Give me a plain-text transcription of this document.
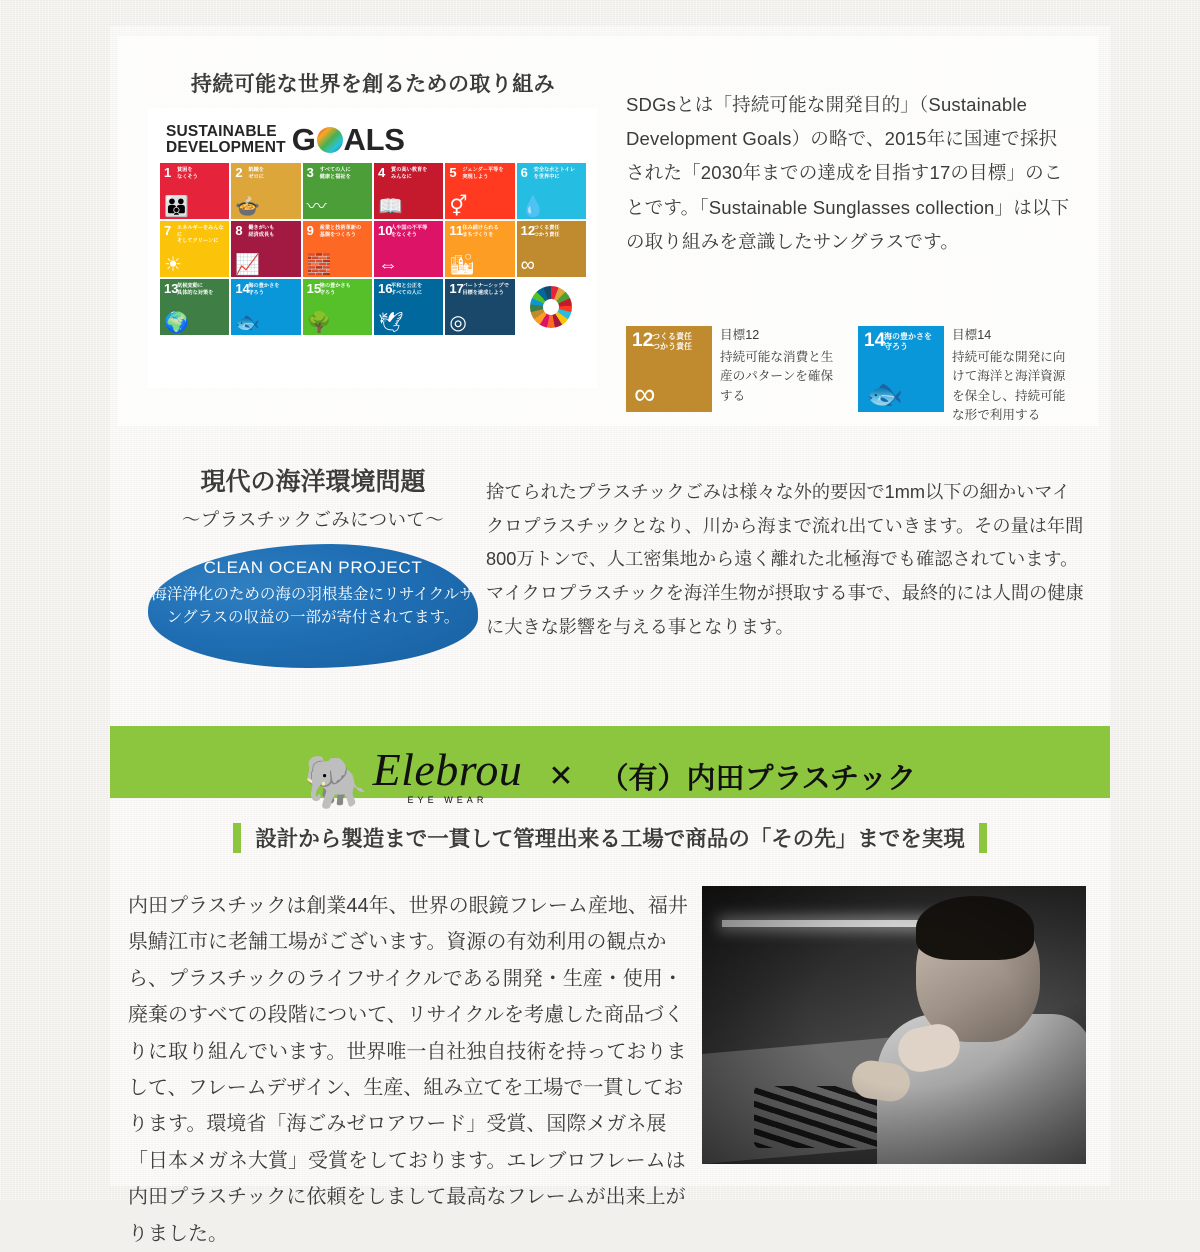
持続可能な世界を創るための取り組み
SUSTAINABLE
DEVELOPMENT G ALS
1 貧困を
なくそう
👪
2 飢餓を
ゼロに
🍲
3 すべての人に
健康と福祉を
〰
4 質の高い教育を
みんなに
📖
5 ジェンダー平等を
実現しよう
⚥
6 安全な水とトイレ
を世界中に
💧
7 エネルギーをみんなに
そしてクリーンに
☀
8 働きがいも
経済成長も
📈
9 産業と技術革新の
基盤をつくろう
🧱
10
人や国の不平等
をなくそう
⇔
11 住み続けられる
まちづくりを
🏙
12
つくる責任
つかう責任
∞
13
気候変動に
具体的な対策を
🌍
14
海の豊かさを
守ろう
🐟
15
陸の豊かさも
守ろう
🌳
16
平和と公正を
すべての人に
🕊
17
パートナーシップで
目標を達成しよう
◎
SDGsとは「持続可能な開発目的」（Sustainable Development Goals）の略で、2015年に国連で採択された「2030年までの達成を目指す17の目標」のことです。「Sustainable Sunglasses collection」は以下の取り組みを意識したサングラスです。
12
つくる責任
つかう責任
∞
目標12
持続可能な消費と生産のパターンを確保する
14
海の豊かさを
守ろう
🐟
目標14
持続可能な開発に向けて海洋と海洋資源を保全し、持続可能な形で利用する
現代の海洋環境問題
〜プラスチックごみについて〜
CLEAN OCEAN PROJECT
海洋浄化のための海の羽根基金にリサイクルサングラスの収益の一部が寄付されてます。
捨てられたプラスチックごみは様々な外的要因で1mm以下の細かいマイクロプラスチックとなり、川から海まで流れ出ていきます。その量は年間800万トンで、人工密集地から遠く離れた北極海でも確認されています。 マイクロプラスチックを海洋生物が摂取する事で、最終的には人間の健康に大きな影響を与える事となります。
🐘 Elebrou
EYE WEAR
✕ （有）内田プラスチック
設計から製造まで一貫して管理出来る工場で商品の「その先」までを実現
内田プラスチックは創業44年、世界の眼鏡フレーム産地、福井県鯖江市に老舗工場がございます。資源の有効利用の観点から、プラスチックのライフサイクルである開発・生産・使用・廃棄のすべての段階について、リサイクルを考慮した商品づくりに取り組んでいます。世界唯一自社独自技術を持っておりまして、フレームデザイン、生産、組み立てを工場で一貫しております。環境省「海ごみゼロアワード」受賞、国際メガネ展「日本メガネ大賞」受賞をしております。エレブロフレームは内田プラスチックに依頼をしまして最高なフレームが出来上がりました。
